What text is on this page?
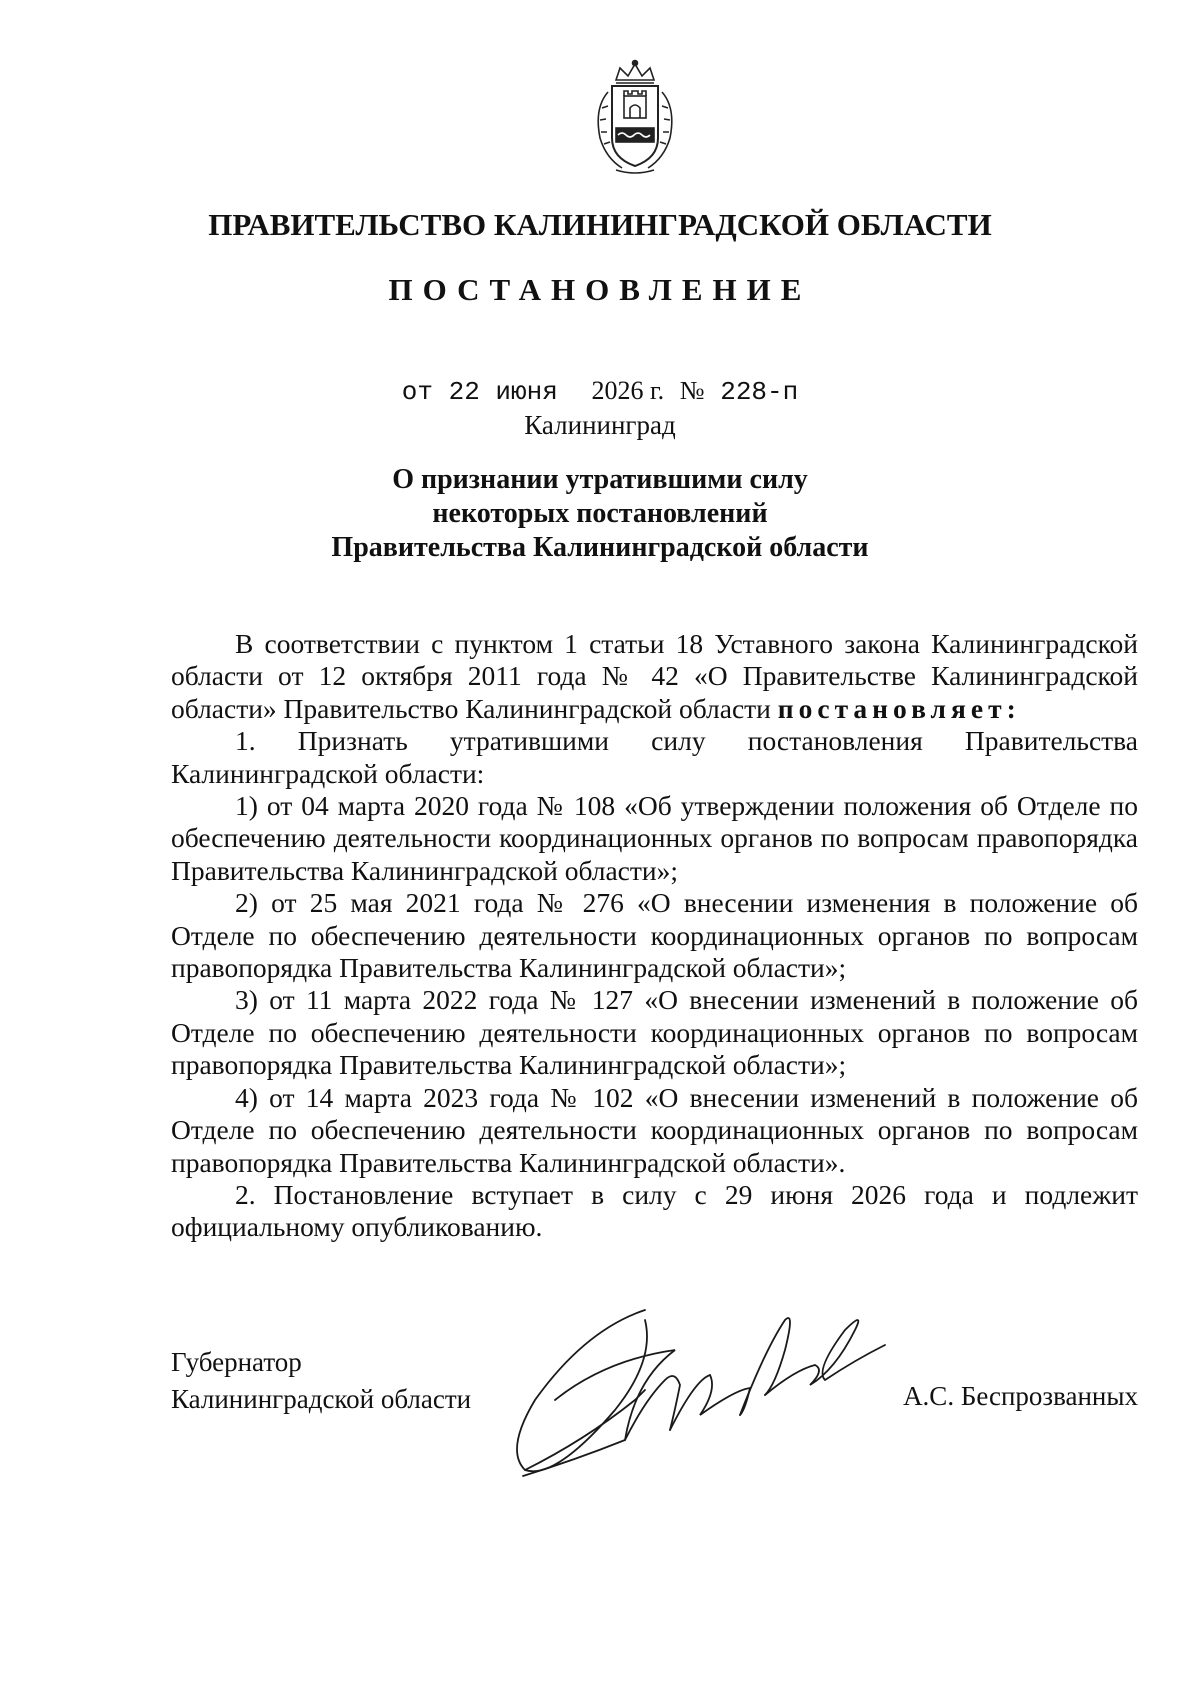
ПРАВИТЕЛЬСТВО КАЛИНИНГРАДСКОЙ ОБЛАСТИ
ПОСТАНОВЛЕНИЕ
от 22 июня 2026 г. № 228-п
Калининград
О признании утратившими силу
некоторых постановлений
Правительства Калининградской области

В соответствии с пунктом 1 статьи 18 Уставного закона Калининградской области от 12 октября 2011 года № 42 «О Правительстве Калининградской области» Правительство Калининградской области постановляет:

1. Признать утратившими силу постановления Правительства Калининградской области:

1) от 04 марта 2020 года № 108 «Об утверждении положения об Отделе по обеспечению деятельности координационных органов по вопросам правопорядка Правительства Калининградской области»;

2) от 25 мая 2021 года № 276 «О внесении изменения в положение об Отделе по обеспечению деятельности координационных органов по вопросам правопорядка Правительства Калининградской области»;

3) от 11 марта 2022 года № 127 «О внесении изменений в положение об Отделе по обеспечению деятельности координационных органов по вопросам правопорядка Правительства Калининградской области»;

4) от 14 марта 2023 года № 102 «О внесении изменений в положение об Отделе по обеспечению деятельности координационных органов по вопросам правопорядка Правительства Калининградской области».

2. Постановление вступает в силу с 29 июня 2026 года и подлежит официальному опубликованию.

Губернатор
Калининградской области	А.С. Беспрозванных
